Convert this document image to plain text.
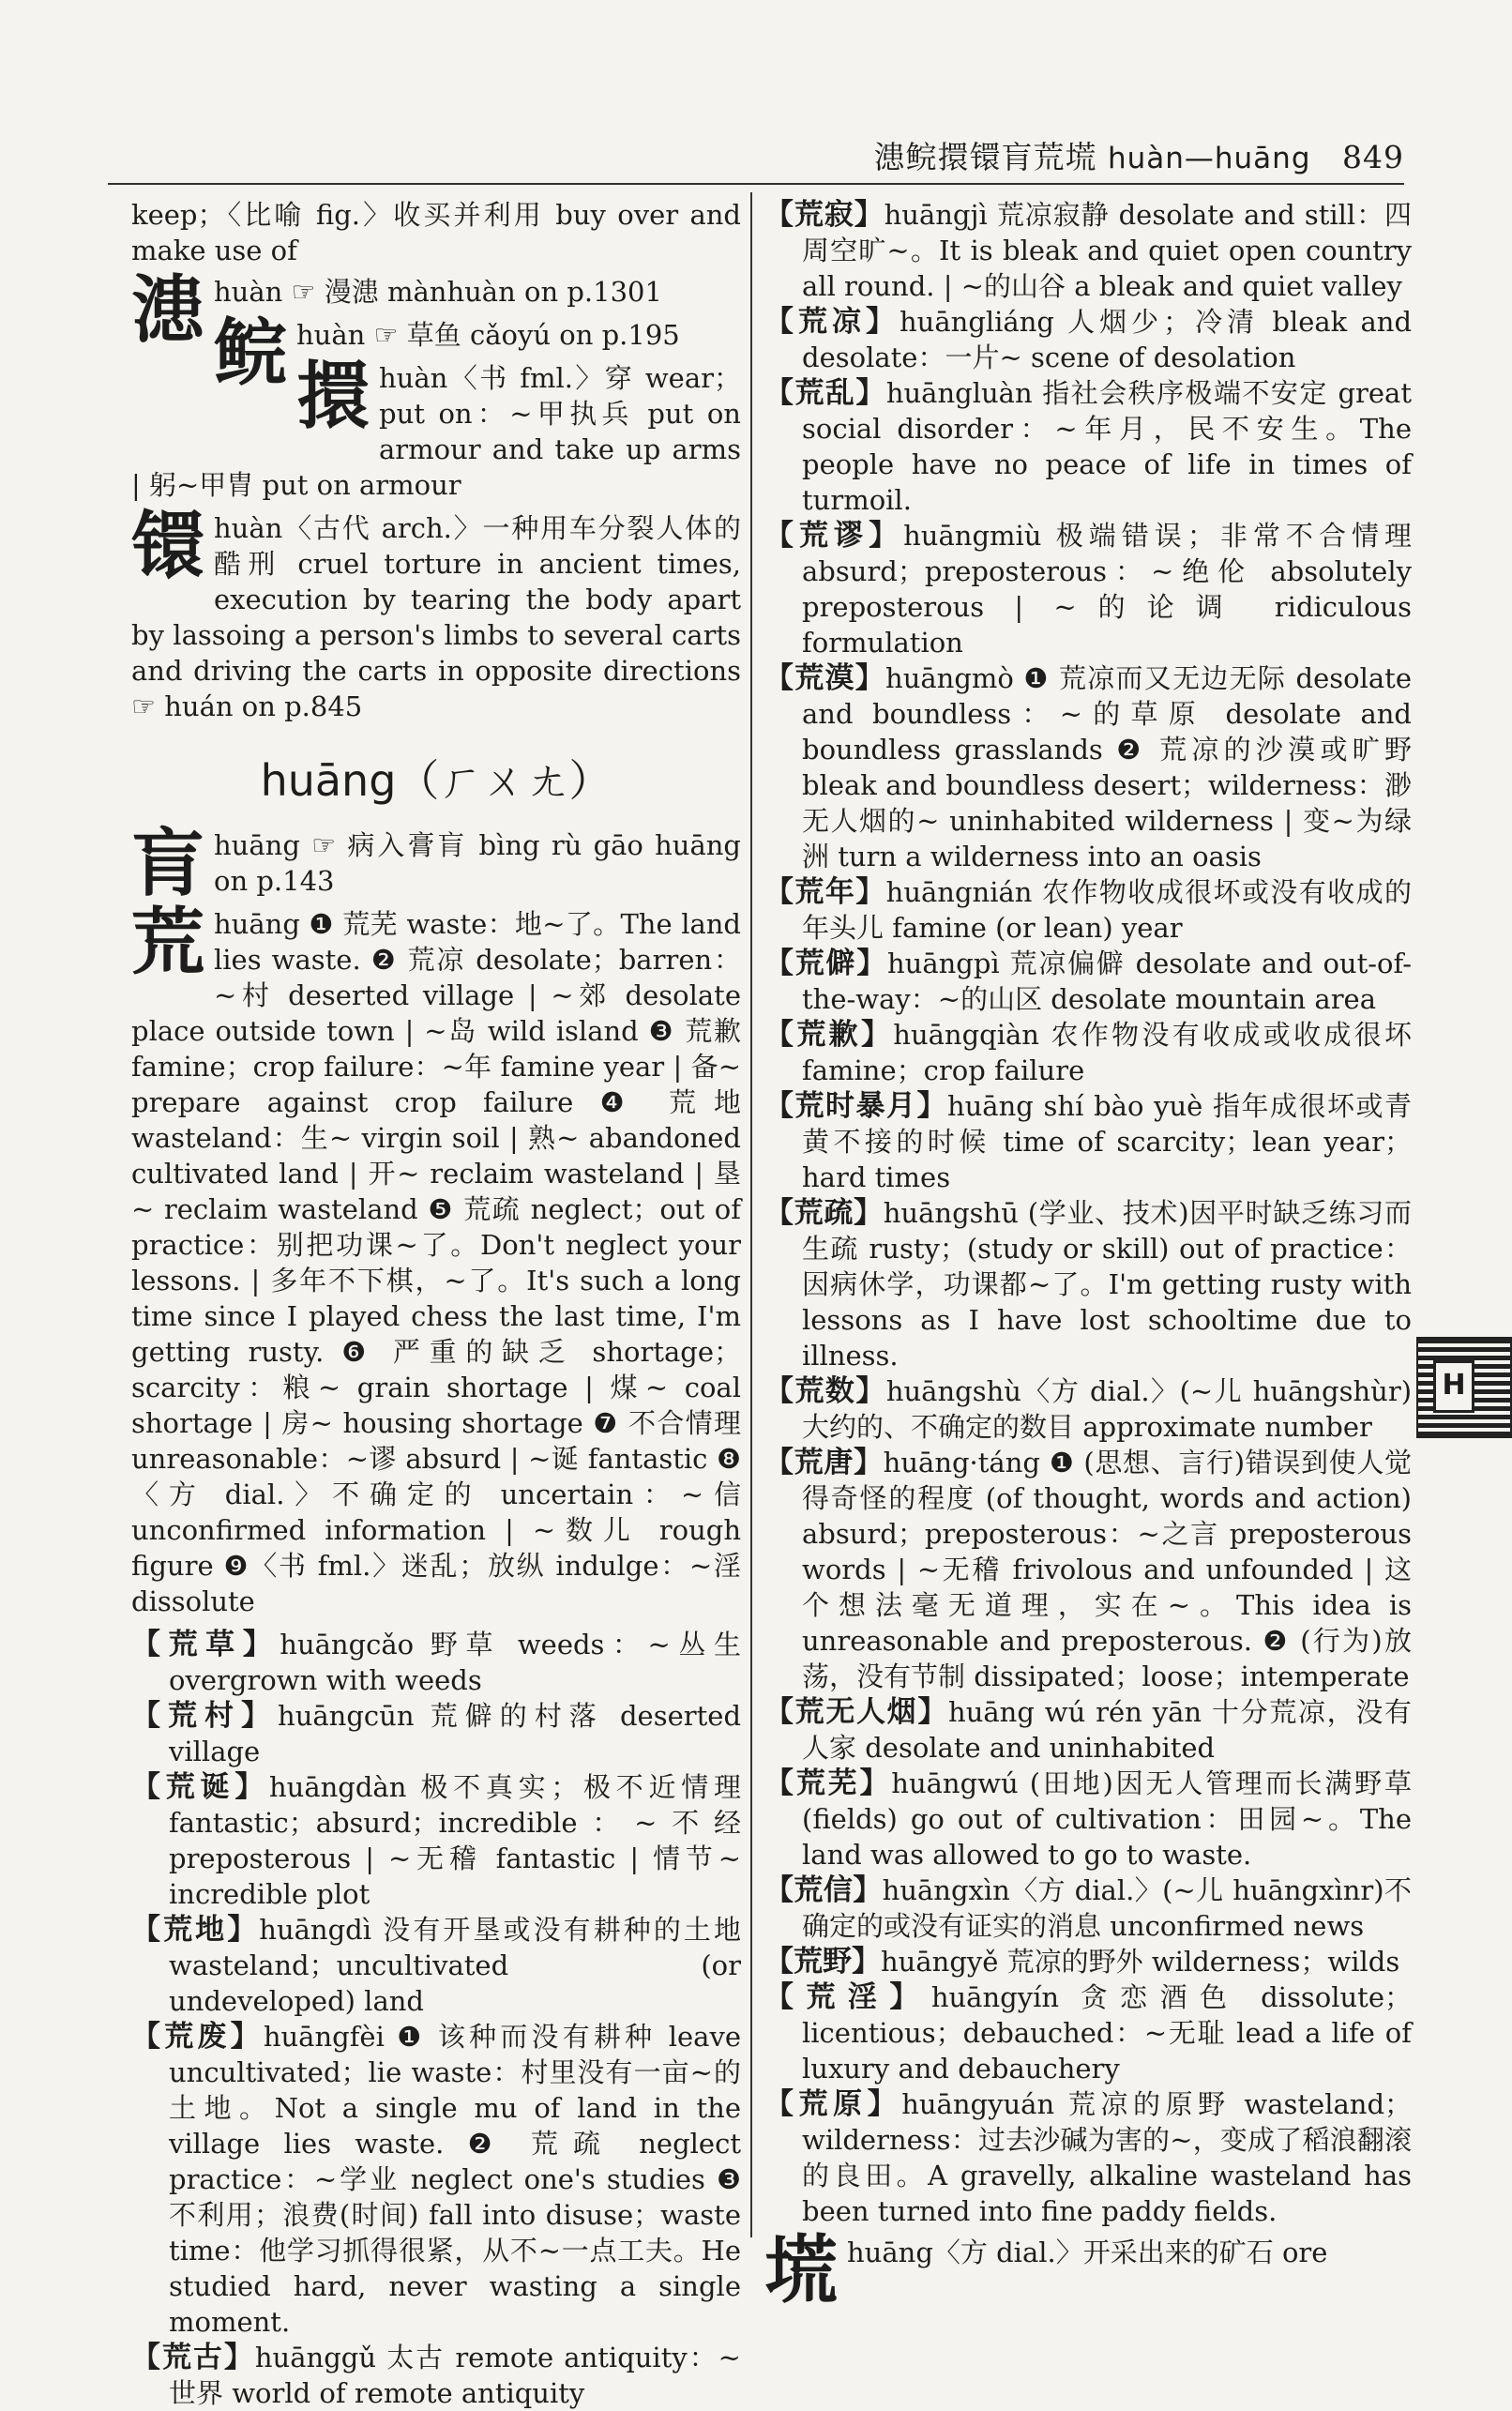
漶鲩擐镮肓荒塃 huàn—huāng 849

keep；〈比喻 fig.〉收买并利用 buy over and make use of

漶 huàn ☞ 漫漶 mànhuàn on p.1301
鲩 huàn ☞ 草鱼 cǎoyú on p.195
擐 huàn〈书 fml.〉穿 wear；put on：~甲执兵 put on armour and take up arms | 躬~甲胄 put on armour
镮 huàn〈古代 arch.〉一种用车分裂人体的酷刑 cruel torture in ancient times, execution by tearing the body apart by lassoing a person's limbs to several carts and driving the carts in opposite directions ☞ huán on p.845
huāng（ㄏㄨㄤ）
肓 huāng ☞ 病入膏肓 bìng rù gāo huāng on p.143
荒 huāng ❶ 荒芜 waste：地~了。The land lies waste. ❷ 荒凉 desolate；barren：~村 deserted village | ~郊 desolate place outside town | ~岛 wild island ❸ 荒歉 famine；crop failure：~年 famine year | 备~ prepare against crop failure ❹ 荒地 wasteland：生~ virgin soil | 熟~ abandoned cultivated land | 开~ reclaim wasteland | 垦~ reclaim wasteland ❺ 荒疏 neglect；out of practice：别把功课~了。Don't neglect your lessons. | 多年不下棋，~了。It's such a long time since I played chess the last time, I'm getting rusty. ❻ 严重的缺乏 shortage；scarcity：粮~ grain shortage | 煤~ coal shortage | 房~ housing shortage ❼ 不合情理 unreasonable：~谬 absurd | ~诞 fantastic ❽〈方 dial.〉不确定的 uncertain：~信 unconfirmed information | ~数儿 rough figure ❾〈书 fml.〉迷乱；放纵 indulge：~淫 dissolute

【荒草】huāngcǎo 野草 weeds：~丛生 overgrown with weeds

【荒村】huāngcūn 荒僻的村落 deserted village

【荒诞】huāngdàn 极不真实；极不近情理 fantastic；absurd；incredible：~不经 preposterous | ~无稽 fantastic | 情节~ incredible plot

【荒地】huāngdì 没有开垦或没有耕种的土地 wasteland；uncultivated (or undeveloped) land

【荒废】huāngfèi ❶ 该种而没有耕种 leave uncultivated；lie waste：村里没有一亩~的土地。Not a single mu of land in the village lies waste. ❷ 荒疏 neglect practice：~学业 neglect one's studies ❸ 不利用；浪费(时间) fall into disuse；waste time：他学习抓得很紧，从不~一点工夫。He studied hard, never wasting a single moment.

【荒古】huānggǔ 太古 remote antiquity：~世界 world of remote antiquity

【荒寂】huāngjì 荒凉寂静 desolate and still：四周空旷~。It is bleak and quiet open country all round. | ~的山谷 a bleak and quiet valley

【荒凉】huāngliáng 人烟少；冷清 bleak and desolate：一片~ scene of desolation

【荒乱】huāngluàn 指社会秩序极端不安定 great social disorder：~年月，民不安生。The people have no peace of life in times of turmoil.

【荒谬】huāngmiù 极端错误；非常不合情理 absurd；preposterous：~绝伦 absolutely preposterous | ~的论调 ridiculous formulation

【荒漠】huāngmò ❶ 荒凉而又无边无际 desolate and boundless：~的草原 desolate and boundless grasslands ❷ 荒凉的沙漠或旷野 bleak and boundless desert；wilderness：渺无人烟的~ uninhabited wilderness | 变~为绿洲 turn a wilderness into an oasis

【荒年】huāngnián 农作物收成很坏或没有收成的年头儿 famine (or lean) year

【荒僻】huāngpì 荒凉偏僻 desolate and out-of-the-way：~的山区 desolate mountain area

【荒歉】huāngqiàn 农作物没有收成或收成很坏 famine；crop failure

【荒时暴月】huāng shí bào yuè 指年成很坏或青黄不接的时候 time of scarcity；lean year；hard times

【荒疏】huāngshū (学业、技术)因平时缺乏练习而生疏 rusty；(study or skill) out of practice：因病休学，功课都~了。I'm getting rusty with lessons as I have lost schooltime due to illness.

【荒数】huāngshù〈方 dial.〉(~儿 huāngshùr)大约的、不确定的数目 approximate number

【荒唐】huāng·táng ❶ (思想、言行)错误到使人觉得奇怪的程度 (of thought, words and action) absurd；preposterous：~之言 preposterous words | ~无稽 frivolous and unfounded | 这个想法毫无道理，实在~。This idea is unreasonable and preposterous. ❷ (行为)放荡，没有节制 dissipated；loose；intemperate

【荒无人烟】huāng wú rén yān 十分荒凉，没有人家 desolate and uninhabited

【荒芜】huāngwú (田地)因无人管理而长满野草 (fields) go out of cultivation：田园~。The land was allowed to go to waste.

【荒信】huāngxìn〈方 dial.〉(~儿 huāngxìnr)不确定的或没有证实的消息 unconfirmed news

【荒野】huāngyě 荒凉的野外 wilderness；wilds

【荒淫】huāngyín 贪恋酒色 dissolute；licentious；debauched：~无耻 lead a life of luxury and debauchery

【荒原】huāngyuán 荒凉的原野 wasteland；wilderness：过去沙碱为害的~，变成了稻浪翻滚的良田。A gravelly, alkaline wasteland has been turned into fine paddy fields.

塃 huāng〈方 dial.〉开采出来的矿石 ore
H
